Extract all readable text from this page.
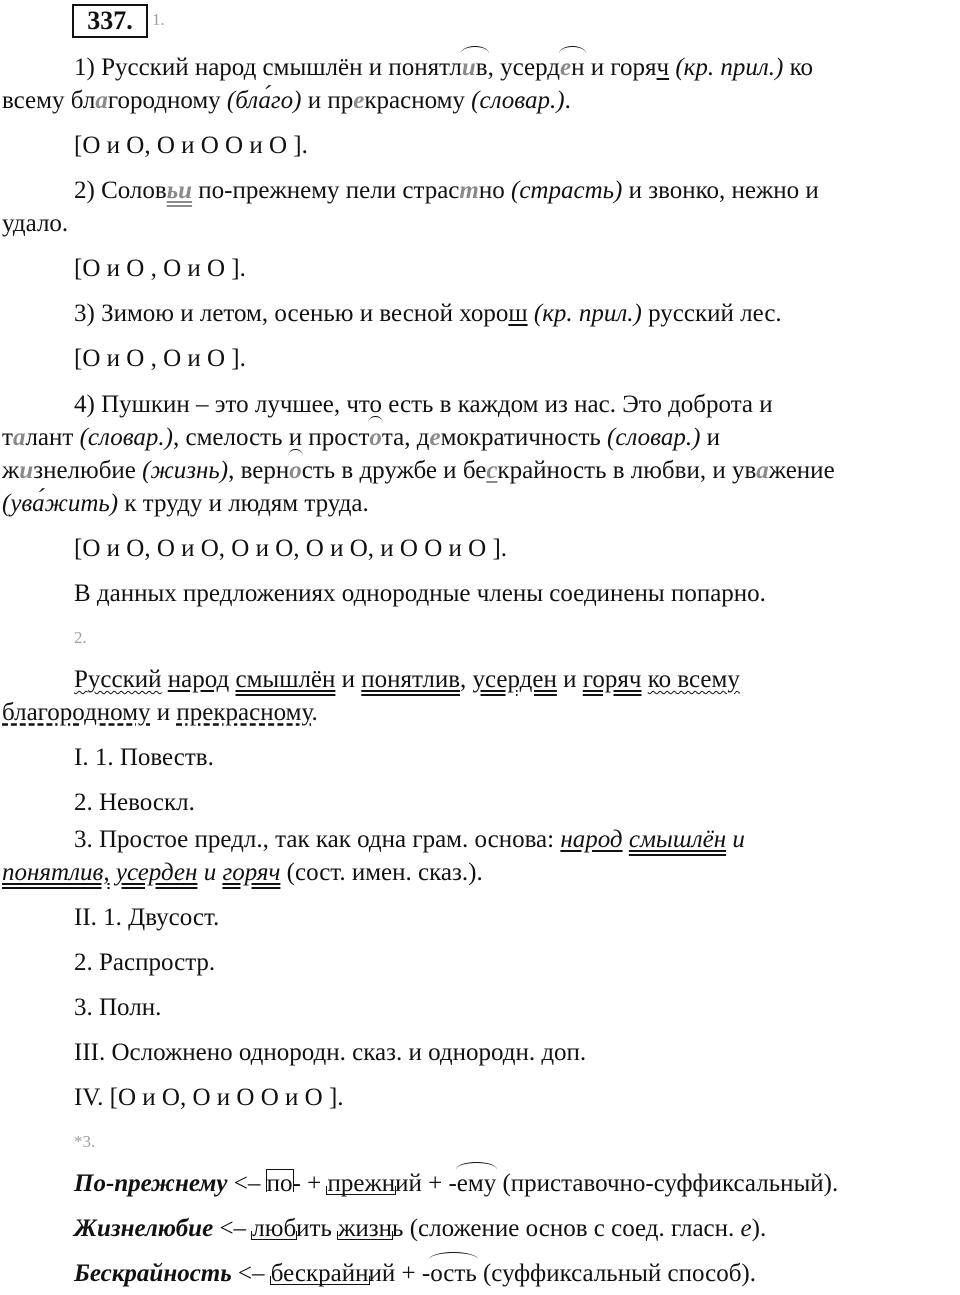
337.	1.
1) Русский народ смышлён и понятлив, усерден и горяч (кр. прил.) ко
всему благородному (бла́го) и прекрасному (словар.).
[О и О, О и О О и О ].
2) Соловьи по-прежнему пели страстно (страсть) и звонко, нежно и
удало.
[О и О , О и О ].
3) Зимою и летом, осенью и весной хорош (кр. прил.) русский лес.
[О и О , О и О ].
4) Пушкин – это лучшее, что есть в каждом из нас. Это доброта и
талант (словар.), смелость и простота, демократичность (словар.) и
жизнелюбие (жизнь), верность в дружбе и бескрайность в любви, и уважение
(ува́жить) к труду и людям труда.
[О и О, О и О, О и О, О и О, и О О и О ].
В данных предложениях однородные члены соединены попарно.
2.
Русский народ смышлён и понятлив, усерден и горяч ко всему
благородному и прекрасному.
I. 1. Повеств.
2. Невоскл.
3. Простое предл., так как одна грам. основа: народ смышлён и
понятлив, усерден и горяч (сост. имен. сказ.).
II. 1. Двусост.
2. Распростр.
3. Полн.
III. Осложнено однородн. сказ. и однородн. доп.
IV. [О и О, О и О О и О ].
*3.
По-прежнему <– по- + прежний + -ему (приставочно-суффиксальный).
Жизнелюбие <– любить жизнь (сложение основ с соед. гласн. е).
Бескрайность <– бескрайний + -ость (суффиксальный способ).
